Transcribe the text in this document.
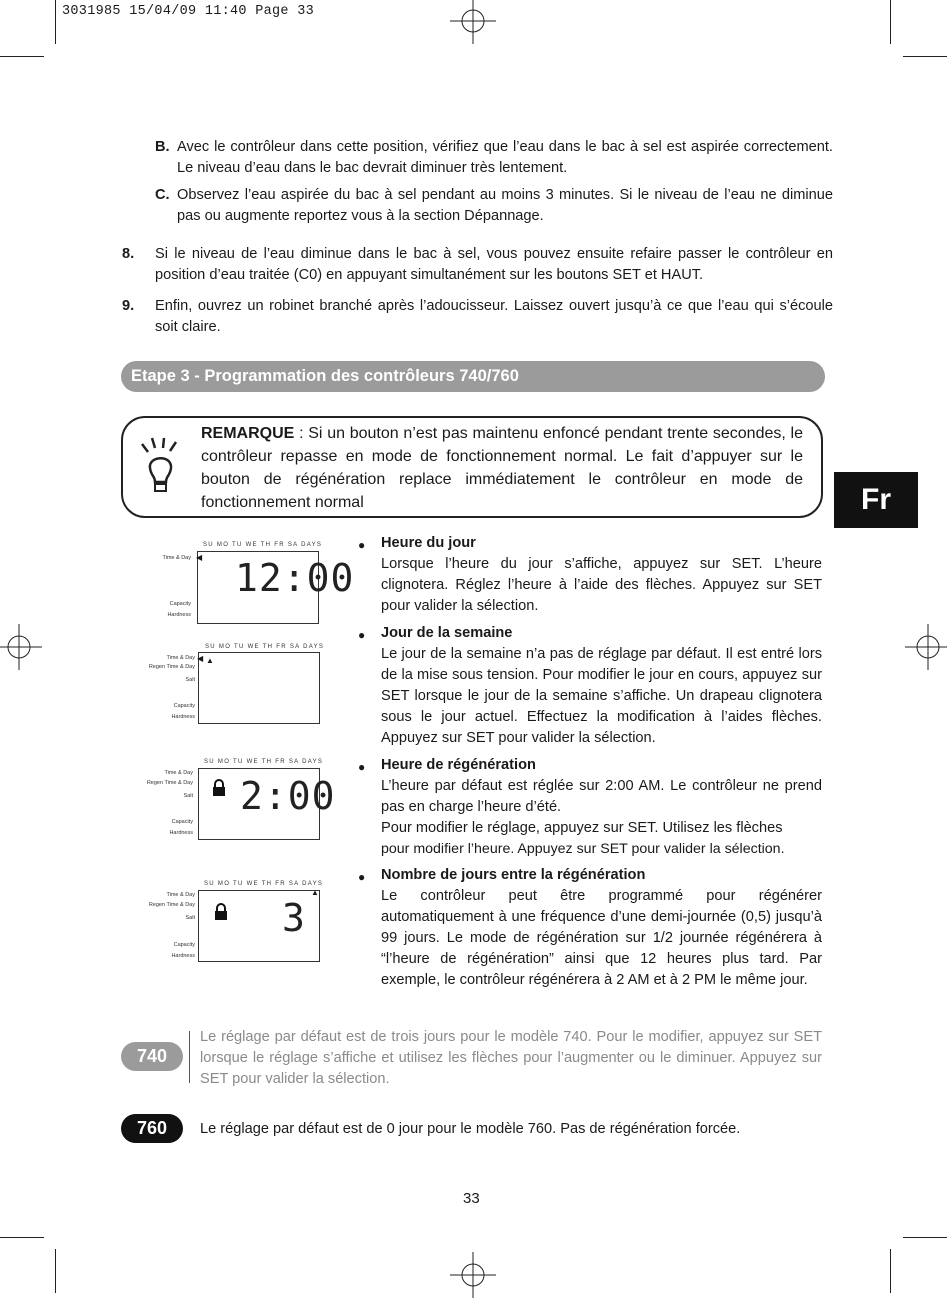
3031985 15/04/09 11:40 Page 33
B. Avec le contrôleur dans cette position, vérifiez que l’eau dans le bac à sel est aspirée correctement. Le niveau d’eau dans le bac devrait diminuer très lentement.
C. Observez l’eau aspirée du bac à sel pendant au moins 3 minutes. Si le niveau de l’eau ne diminue pas ou augmente reportez vous à la section Dépannage.
8. Si le niveau de l’eau diminue dans le bac à sel, vous pouvez ensuite refaire passer le contrôleur en position d’eau traitée (C0) en appuyant simultanément sur les boutons SET et HAUT.
9. Enfin, ouvrez un robinet branché après l’adoucisseur. Laissez ouvert jusqu’à ce que l’eau qui s’écoule soit claire.
Etape 3 - Programmation des contrôleurs 740/760
REMARQUE : Si un bouton n’est pas maintenu enfoncé pendant trente secondes, le contrôleur repasse en mode de fonctionnement normal. Le fait d’appuyer sur le bouton de régénération replace immédiatement le contrôleur en mode de fonctionnement normal	Fr
SU MO TU WE TH FR SA DAYS
Time & Day
Capacity
Hardness
◀ 12:00
SU MO TU WE TH FR SA DAYS
Time & Day
Regen Time & Day
Salt
Capacity
Hardness
◀ ▲
SU MO TU WE TH FR SA DAYS
Time & Day
Regen Time & Day
Salt
Capacity
Hardness
2:00
SU MO TU WE TH FR SA DAYS
Time & Day
Regen Time & Day
Salt
Capacity
Hardness
▲
3
● Heure du jour
Lorsque l’heure du jour s’affiche, appuyez sur SET. L’heure clignotera. Réglez l’heure à l’aide des flèches. Appuyez sur SET pour valider la sélection.
● Jour de la semaine
Le jour de la semaine n’a pas de réglage par défaut. Il est entré lors de la mise sous tension. Pour modifier le jour en cours, appuyez sur SET lorsque le jour de la semaine s’affiche. Un drapeau clignotera sous le jour actuel. Effectuez la modification à l’aides flèches. Appuyez sur SET pour valider la sélection.
● Heure de régénération
L’heure par défaut est réglée sur 2:00 AM. Le contrôleur ne prend pas en charge l’heure d’été.
Pour modifier le réglage, appuyez sur SET. Utilisez les flèches
pour modifier l’heure. Appuyez sur SET pour valider la sélection.
● Nombre de jours entre la régénération
Le contrôleur peut être programmé pour régénérer automatiquement à une fréquence d’une demi-journée (0,5) jusqu’à 99 jours. Le mode de régénération sur 1/2 journée régénérera à “l’heure de régénération” ainsi que 12 heures plus tard. Par exemple, le contrôleur régénérera à 2 AM et à 2 PM le même jour.
740
Le réglage par défaut est de trois jours pour le modèle 740. Pour le modifier, appuyez sur SET lorsque le réglage s’affiche et utilisez les flèches pour l’augmenter ou le diminuer. Appuyez sur SET pour valider la sélection.
760	Le réglage par défaut est de 0 jour pour le modèle 760. Pas de régénération forcée.
33
